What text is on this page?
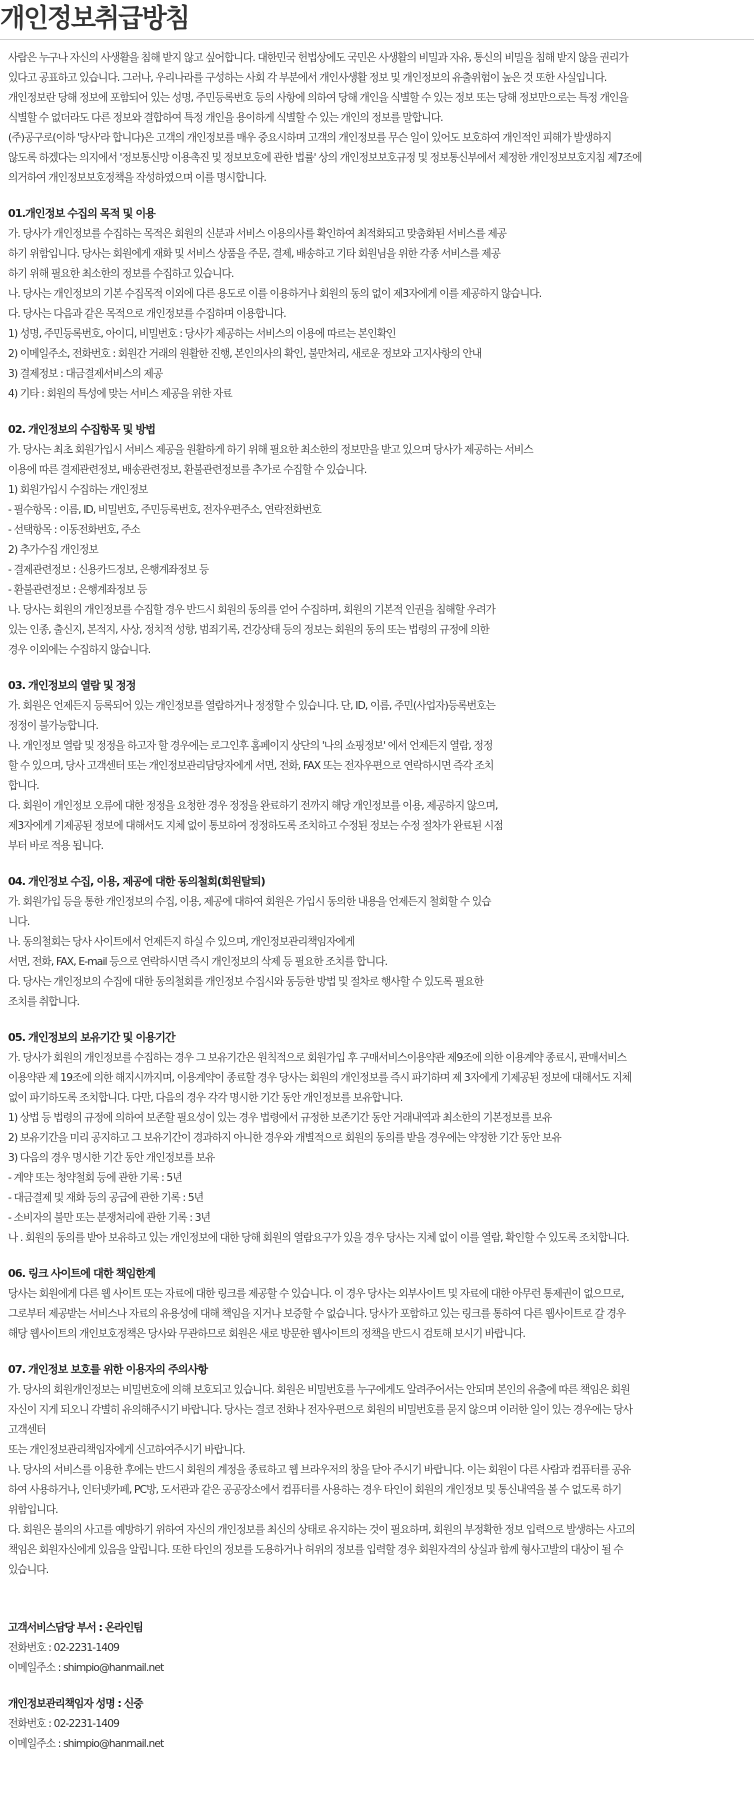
개인정보취급방침

사람은 누구나 자신의 사생활을 침해 받지 않고 싶어합니다. 대한민국 헌법상에도 국민은 사생활의 비밀과 자유, 통신의 비밀을 침해 받지 않을 권리가

있다고 공표하고 있습니다. 그러나, 우리나라를 구성하는 사회 각 부분에서 개인사생활 정보 및 개인정보의 유출위험이 높은 것 또한 사실입니다.

개인정보란 당해 정보에 포함되어 있는 성명, 주민등록번호 등의 사항에 의하여 당해 개인을 식별할 수 있는 정보 또는 당해 정보만으로는 특정 개인을

식별할 수 없더라도 다른 정보와 결합하여 특정 개인을 용이하게 식별할 수 있는 개인의 정보를 말합니다.

(주)공구로(이하 '당사'라 합니다)은 고객의 개인정보를 매우 중요시하며 고객의 개인정보를 무슨 일이 있어도 보호하여 개인적인 피해가 발생하지

않도록 하겠다는 의지에서 '정보통신망 이용촉진 및 정보보호에 관한 법률' 상의 개인정보보호규정 및 정보통신부에서 제정한 개인정보보호지침 제7조에

의거하여 개인정보보호정책을 작성하였으며 이를 명시합니다.

01.개인정보 수집의 목적 및 이용

가. 당사가 개인정보를 수집하는 목적은 회원의 신분과 서비스 이용의사를 확인하여 최적화되고 맞춤화된 서비스를 제공

하기 위함입니다. 당사는 회원에게 재화 및 서비스 상품을 주문, 결제, 배송하고 기타 회원님을 위한 각종 서비스를 제공

하기 위해 필요한 최소한의 정보를 수집하고 있습니다.

나. 당사는 개인정보의 기본 수집목적 이외에 다른 용도로 이를 이용하거나 회원의 동의 없이 제3자에게 이를 제공하지 않습니다.

다. 당사는 다음과 같은 목적으로 개인정보를 수집하며 이용합니다.

1) 성명, 주민등록번호, 아이디, 비밀번호 : 당사가 제공하는 서비스의 이용에 따르는 본인확인

2) 이메일주소, 전화번호 : 회원간 거래의 원활한 진행, 본인의사의 확인, 불만처리, 새로운 정보와 고지사항의 안내

3) 결제정보 : 대금결제서비스의 제공

4) 기타 : 회원의 특성에 맞는 서비스 제공을 위한 자료

02. 개인정보의 수집항목 및 방법

가. 당사는 최초 회원가입시 서비스 제공을 원활하게 하기 위해 필요한 최소한의 정보만을 받고 있으며 당사가 제공하는 서비스

이용에 따른 결제관련정보, 배송관련정보, 환불관련정보를 추가로 수집할 수 있습니다.

1) 회원가입시 수집하는 개인정보

- 필수항목 : 이름, ID, 비밀번호, 주민등록번호, 전자우편주소, 연락전화번호

- 선택항목 : 이동전화번호, 주소

2) 추가수집 개인정보

- 결제관련정보 : 신용카드정보, 은행계좌정보 등

- 환불관련정보 : 은행계좌정보 등

나. 당사는 회원의 개인정보를 수집할 경우 반드시 회원의 동의를 얻어 수집하며, 회원의 기본적 인권을 침해할 우려가

있는 인종, 출신지, 본적지, 사상, 정치적 성향, 범죄기록, 건강상태 등의 정보는 회원의 동의 또는 법령의 규정에 의한

경우 이외에는 수집하지 않습니다.

03. 개인정보의 열람 및 정정

가. 회원은 언제든지 등록되어 있는 개인정보를 열람하거나 정정할 수 있습니다. 단, ID, 이름, 주민(사업자)등록번호는

정정이 불가능합니다.

나. 개인정보 열람 및 정정을 하고자 할 경우에는 로그인후 홈페이지 상단의 '나의 쇼핑정보' 에서 언제든지 열람, 정정

할 수 있으며, 당사 고객센터 또는 개인정보관리담당자에게 서면, 전화, FAX 또는 전자우편으로 연락하시면 즉각 조치

합니다.

다. 회원이 개인정보 오류에 대한 정정을 요청한 경우 정정을 완료하기 전까지 해당 개인정보를 이용, 제공하지 않으며,

제3자에게 기제공된 정보에 대해서도 지체 없이 통보하여 정정하도록 조치하고 수정된 정보는 수정 절차가 완료된 시점

부터 바로 적용 됩니다.

04. 개인정보 수집, 이용, 제공에 대한 동의철회(회원탈퇴)

가. 회원가입 등을 통한 개인정보의 수집, 이용, 제공에 대하여 회원은 가입시 동의한 내용을 언제든지 철회할 수 있습

니다.

나. 동의철회는 당사 사이트에서 언제든지 하실 수 있으며, 개인정보관리책임자에게

서면, 전화, FAX, E-mail 등으로 연락하시면 즉시 개인정보의 삭제 등 필요한 조치를 합니다.

다. 당사는 개인정보의 수집에 대한 동의철회를 개인정보 수집시와 동등한 방법 및 절차로 행사할 수 있도록 필요한

조치를 취합니다.

05. 개인정보의 보유기간 및 이용기간

가. 당사가 회원의 개인정보를 수집하는 경우 그 보유기간은 원칙적으로 회원가입 후 구매서비스이용약관 제9조에 의한 이용계약 종료시, 판매서비스

이용약관 제 19조에 의한 해지시까지며, 이용계약이 종료할 경우 당사는 회원의 개인정보를 즉시 파기하며 제 3자에게 기제공된 정보에 대해서도 지체

없이 파기하도록 조치합니다. 다만, 다음의 경우 각각 명시한 기간 동안 개인정보를 보유합니다.

1) 상법 등 법령의 규정에 의하여 보존할 필요성이 있는 경우 법령에서 규정한 보존기간 동안 거래내역과 최소한의 기본정보를 보유

2) 보유기간을 미리 공지하고 그 보유기간이 경과하지 아니한 경우와 개별적으로 회원의 동의를 받을 경우에는 약정한 기간 동안 보유

3) 다음의 경우 명시한 기간 동안 개인정보를 보유

- 계약 또는 청약철회 등에 관한 기록 : 5년

- 대금결제 및 재화 등의 공급에 관한 기록 : 5년

- 소비자의 불만 또는 분쟁처리에 관한 기록 : 3년

나 . 회원의 동의를 받아 보유하고 있는 개인정보에 대한 당해 회원의 열람요구가 있을 경우 당사는 지체 없이 이를 열람, 확인할 수 있도록 조치합니다.

06. 링크 사이트에 대한 책임한계

당사는 회원에게 다른 웹 사이트 또는 자료에 대한 링크를 제공할 수 있습니다. 이 경우 당사는 외부사이트 및 자료에 대한 아무런 통제권이 없으므로,

그로부터 제공받는 서비스나 자료의 유용성에 대해 책임을 지거나 보증할 수 없습니다. 당사가 포함하고 있는 링크를 통하여 다른 웹사이트로 갈 경우

해당 웹사이트의 개인보호정책은 당사와 무관하므로 회원은 새로 방문한 웹사이트의 정책을 반드시 검토해 보시기 바랍니다.

07. 개인정보 보호를 위한 이용자의 주의사항

가. 당사의 회원개인정보는 비밀번호에 의해 보호되고 있습니다. 회원은 비밀번호를 누구에게도 알려주어서는 안되며 본인의 유출에 따른 책임은 회원

자신이 지게 되오니 각별히 유의해주시기 바랍니다. 당사는 결코 전화나 전자우편으로 회원의 비밀번호를 묻지 않으며 이러한 일이 있는 경우에는 당사

고객센터

또는 개인정보관리책임자에게 신고하여주시기 바랍니다.

나. 당사의 서비스를 이용한 후에는 반드시 회원의 계정을 종료하고 웹 브라우저의 창을 닫아 주시기 바랍니다. 이는 회원이 다른 사람과 컴퓨터를 공유

하여 사용하거나, 인터넷카페, PC방, 도서관과 같은 공공장소에서 컴퓨터를 사용하는 경우 타인이 회원의 개인정보 및 통신내역을 볼 수 없도록 하기

위함입니다.

다. 회원은 불의의 사고를 예방하기 위하여 자신의 개인정보를 최신의 상태로 유지하는 것이 필요하며, 회원의 부정확한 정보 입력으로 발생하는 사고의

책임은 회원자신에게 있음을 알립니다. 또한 타인의 정보를 도용하거나 허위의 정보를 입력할 경우 회원자격의 상실과 함께 형사고발의 대상이 될 수

있습니다.

고객서비스담당 부서 : 온라인팀

전화번호 : 02-2231-1409

이메일주소 : shimpio@hanmail.net

개인정보관리책임자 성명 : 신중

전화번호 : 02-2231-1409

이메일주소 : shimpio@hanmail.net
